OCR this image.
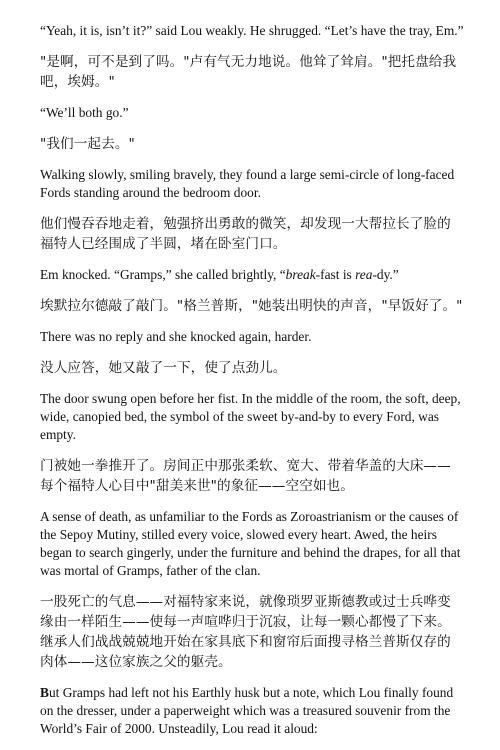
“Yeah, it is, isn’t it?” said Lou weakly. He shrugged. “Let’s have the tray, Em.”

"是啊，可不是到了吗。"卢有气无力地说。他耸了耸肩。"把托盘给我吧，埃姆。"

“We’ll both go.”

"我们一起去。"

Walking slowly, smiling bravely, they found a large semi-circle of long-faced Fords standing around the bedroom door.

他们慢吞吞地走着，勉强挤出勇敢的微笑，却发现一大帮拉长了脸的福特人已经围成了半圆，堵在卧室门口。

Em knocked. “Gramps,” she called brightly, “break-fast is rea-dy.”

埃默拉尔德敲了敲门。"格兰普斯，"她装出明快的声音，"早饭好了。"

There was no reply and she knocked again, harder.

没人应答，她又敲了一下，使了点劲儿。

The door swung open before her fist. In the middle of the room, the soft, deep, wide, canopied bed, the symbol of the sweet by-and-by to every Ford, was empty.

门被她一拳推开了。房间正中那张柔软、宽大、带着华盖的大床——每个福特人心目中"甜美来世"的象征——空空如也。

A sense of death, as unfamiliar to the Fords as Zoroastrianism or the causes of the Sepoy Mutiny, stilled every voice, slowed every heart. Awed, the heirs began to search gingerly, under the furniture and behind the drapes, for all that was mortal of Gramps, father of the clan.

一股死亡的气息——对福特家来说，就像琐罗亚斯德教或过士兵哗变缘由一样陌生——使每一声喧哗归于沉寂，让每一颗心都慢了下来。继承人们战战兢兢地开始在家具底下和窗帘后面搜寻格兰普斯仅存的肉体——这位家族之父的躯壳。

But Gramps had left not his Earthly husk but a note, which Lou finally found on the dresser, under a paperweight which was a treasured souvenir from the World’s Fair of 2000. Unsteadily, Lou read it aloud:
